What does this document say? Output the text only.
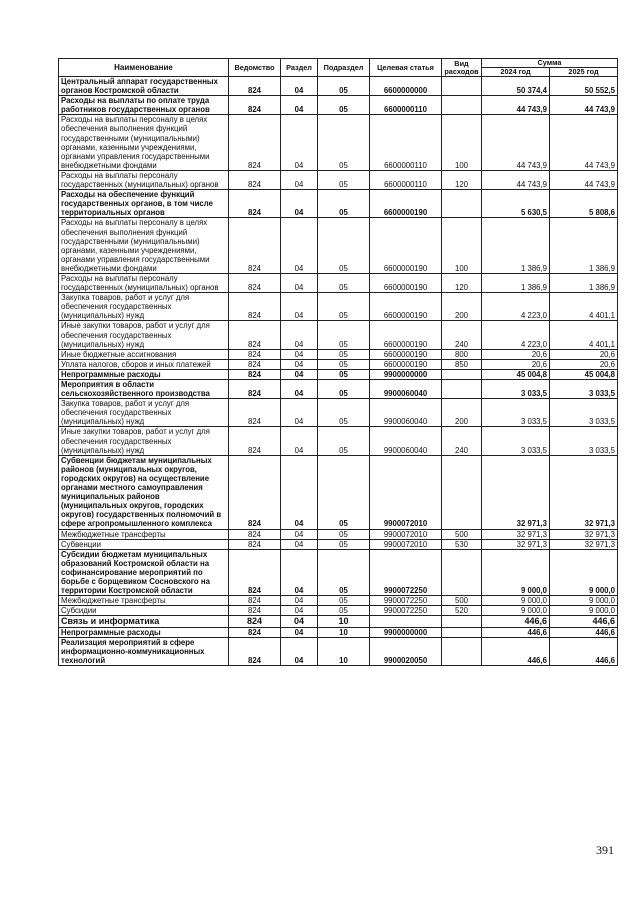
Наименование	Ведомство	Раздел	Подраздел	Целевая статья	Вид расходов	Сумма	
						2024 год	2025 год
Центральный аппарат государственных органов Костромской области	824	04	05	6600000000		50 374,4	50 552,5
Расходы на выплаты по оплате труда работников государственных органов	824	04	05	6600000110		44 743,9	44 743,9
Расходы на выплаты персоналу в целях обеспечения выполнения функций государственными (муниципальными) органами, казенными учреждениями, органами управления государственными внебюджетными фондами	824	04	05	6600000110	100	44 743,9	44 743,9
Расходы на выплаты персоналу государственных (муниципальных) органов	824	04	05	6600000110	120	44 743,9	44 743,9
Расходы на обеспечение функций государственных органов, в том числе территориальных органов	824	04	05	6600000190		5 630,5	5 808,6
Расходы на выплаты персоналу в целях обеспечения выполнения функций государственными (муниципальными) органами, казенными учреждениями, органами управления государственными внебюджетными фондами	824	04	05	6600000190	100	1 386,9	1 386,9
Расходы на выплаты персоналу государственных (муниципальных) органов	824	04	05	6600000190	120	1 386,9	1 386,9
Закупка товаров, работ и услуг для обеспечения государственных (муниципальных) нужд	824	04	05	6600000190	200	4 223,0	4 401,1
Иные закупки товаров, работ и услуг для обеспечения государственных (муниципальных) нужд	824	04	05	6600000190	240	4 223,0	4 401,1
Иные бюджетные ассигнования	824	04	05	6600000190	800	20,6	20,6
Уплата налогов, сборов и иных платежей	824	04	05	6600000190	850	20,6	20,6
Непрограммные расходы	824	04	05	9900000000		45 004,8	45 004,8
Мероприятия в области сельскохозяйственного производства	824	04	05	9900060040		3 033,5	3 033,5
Закупка товаров, работ и услуг для обеспечения государственных (муниципальных) нужд	824	04	05	9900060040	200	3 033,5	3 033,5
Иные закупки товаров, работ и услуг для обеспечения государственных (муниципальных) нужд	824	04	05	9900060040	240	3 033,5	3 033,5
Субвенции бюджетам муниципальных районов (муниципальных округов, городских округов) на осуществление органами местного самоуправления муниципальных районов (муниципальных округов, городских округов) государственных полномочий в сфере агропромышленного комплекса	824	04	05	9900072010		32 971,3	32 971,3
Межбюджетные трансферты	824	04	05	9900072010	500	32 971,3	32 971,3
Субвенции	824	04	05	9900072010	530	32 971,3	32 971,3
Субсидии бюджетам муниципальных образований Костромской области на софинансирование мероприятий по борьбе с борщевиком Сосновского на территории Костромской области	824	04	05	9900072250		9 000,0	9 000,0
Межбюджетные трансферты	824	04	05	9900072250	500	9 000,0	9 000,0
Субсидии	824	04	05	9900072250	520	9 000,0	9 000,0
Связь и информатика	824	04	10			446,6	446,6
Непрограммные расходы	824	04	10	9900000000		446,6	446,6
Реализация мероприятий в сфере информационно-коммуникационных технологий	824	04	10	9900020050		446,6	446,6
391
